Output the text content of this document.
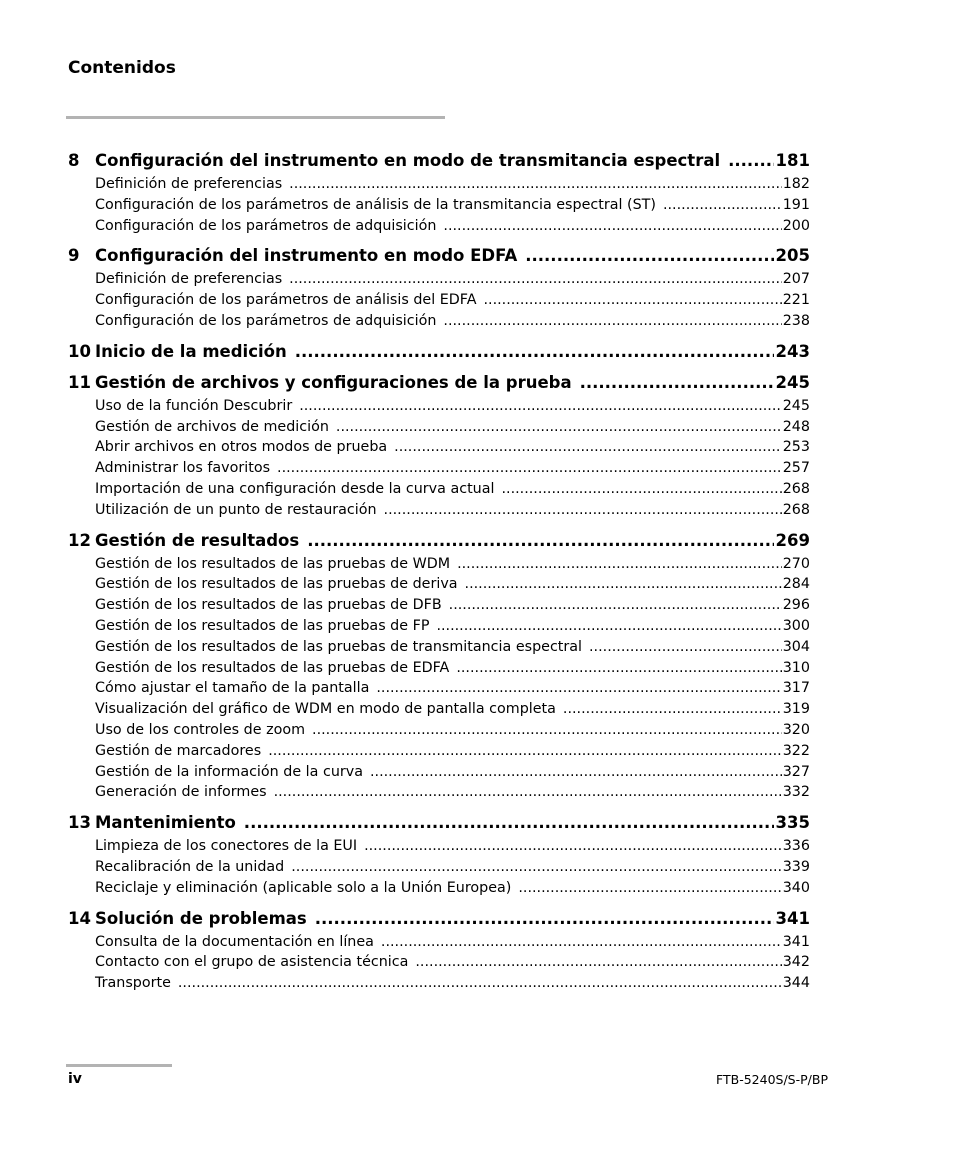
Contenidos
8 Configuración del instrumento en modo de transmitancia espectral .....	181
Definición de preferencias .....	182
Configuración de los parámetros de análisis de la transmitancia espectral (ST) .....	191
Configuración de los parámetros de adquisición .....	200
9 Configuración del instrumento en modo EDFA .....	205
Definición de preferencias .....	207
Configuración de los parámetros de análisis del EDFA .....	221
Configuración de los parámetros de adquisición .....	238
10 Inicio de la medición .....	243
11 Gestión de archivos y configuraciones de la prueba .....	245
Uso de la función Descubrir .....	245
Gestión de archivos de medición .....	248
Abrir archivos en otros modos de prueba .....	253
Administrar los favoritos .....	257
Importación de una configuración desde la curva actual .....	268
Utilización de un punto de restauración .....	268
12 Gestión de resultados .....	269
Gestión de los resultados de las pruebas de WDM .....	270
Gestión de los resultados de las pruebas de deriva .....	284
Gestión de los resultados de las pruebas de DFB .....	296
Gestión de los resultados de las pruebas de FP .....	300
Gestión de los resultados de las pruebas de transmitancia espectral .....	304
Gestión de los resultados de las pruebas de EDFA .....	310
Cómo ajustar el tamaño de la pantalla .....	317
Visualización del gráfico de WDM en modo de pantalla completa .....	319
Uso de los controles de zoom .....	320
Gestión de marcadores .....	322
Gestión de la información de la curva .....	327
Generación de informes .....	332
13 Mantenimiento .....	335
Limpieza de los conectores de la EUI .....	336
Recalibración de la unidad .....	339
Reciclaje y eliminación (aplicable solo a la Unión Europea) .....	340
14 Solución de problemas .....	341
Consulta de la documentación en línea .....	341
Contacto con el grupo de asistencia técnica .....	342
Transporte .....	344
iv	FTB-5240S/S-P/BP
